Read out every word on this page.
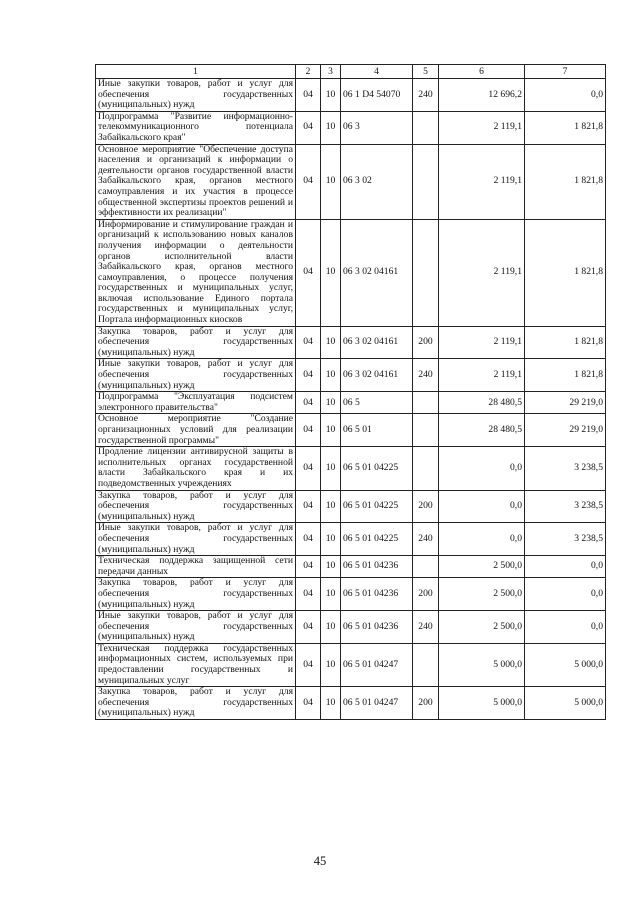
1	2	3	4	5	6	7
Иные закупки товаров, работ и услуг для обеспечения государственных (муниципальных) нужд	04	10	06 1 D4 54070	240	12 696,2	0,0
Подпрограмма "Развитие информационно-телекоммуникационного потенциала Забайкальского края"	04	10	06 3		2 119,1	1 821,8
Основное мероприятие "Обеспечение доступа населения и организаций к информации о деятельности органов государственной власти Забайкальского края, органов местного самоуправления и их участия в процессе общественной экспертизы проектов решений и эффективности их реализации"	04	10	06 3 02		2 119,1	1 821,8
Информирование и стимулирование граждан и организаций к использованию новых каналов получения информации о деятельности органов исполнительной власти Забайкальского края, органов местного самоуправления, о процессе получения государственных и муниципальных услуг, включая использование Единого портала государственных и муниципальных услуг, Портала информационных киосков	04	10	06 3 02 04161		2 119,1	1 821,8
Закупка товаров, работ и услуг для обеспечения государственных (муниципальных) нужд	04	10	06 3 02 04161	200	2 119,1	1 821,8
Иные закупки товаров, работ и услуг для обеспечения государственных (муниципальных) нужд	04	10	06 3 02 04161	240	2 119,1	1 821,8
Подпрограмма "Эксплуатация подсистем электронного правительства"	04	10	06 5		28 480,5	29 219,0
Основное мероприятие "Создание организационных условий для реализации государственной программы"	04	10	06 5 01		28 480,5	29 219,0
Продление лицензии антивирусной защиты в исполнительных органах государственной власти Забайкальского края и их подведомственных учреждениях	04	10	06 5 01 04225		0,0	3 238,5
Закупка товаров, работ и услуг для обеспечения государственных (муниципальных) нужд	04	10	06 5 01 04225	200	0,0	3 238,5
Иные закупки товаров, работ и услуг для обеспечения государственных (муниципальных) нужд	04	10	06 5 01 04225	240	0,0	3 238,5
Техническая поддержка защищенной сети передачи данных	04	10	06 5 01 04236		2 500,0	0,0
Закупка товаров, работ и услуг для обеспечения государственных (муниципальных) нужд	04	10	06 5 01 04236	200	2 500,0	0,0
Иные закупки товаров, работ и услуг для обеспечения государственных (муниципальных) нужд	04	10	06 5 01 04236	240	2 500,0	0,0
Техническая поддержка государственных информационных систем, используемых при предоставлении государственных и муниципальных услуг	04	10	06 5 01 04247		5 000,0	5 000,0
Закупка товаров, работ и услуг для обеспечения государственных (муниципальных) нужд	04	10	06 5 01 04247	200	5 000,0	5 000,0
45
